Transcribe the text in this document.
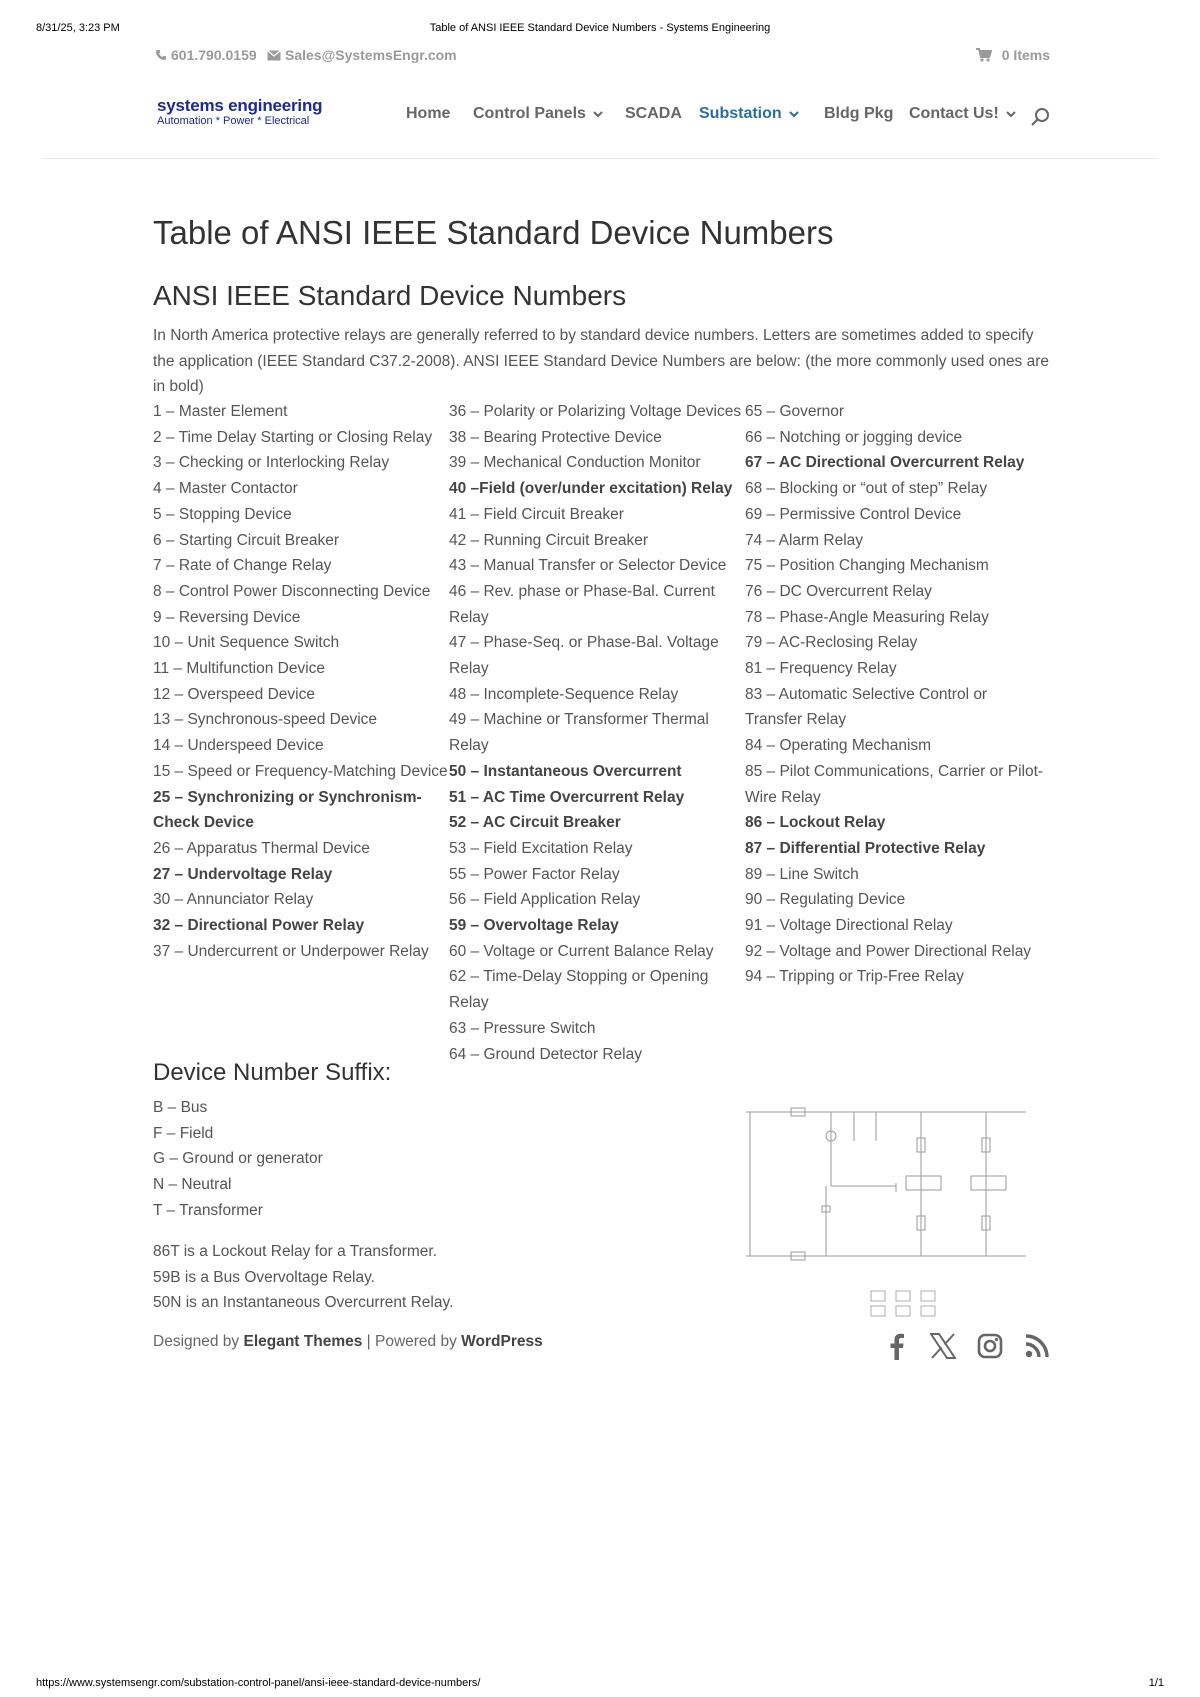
8/31/25, 3:23 PM	Table of ANSI IEEE Standard Device Numbers - Systems Engineering
601.790.0159 Sales@SystemsEngr.com	0 Items
systems engineering
Automation * Power * Electrical	Home Control Panels SCADA Substation	Bldg Pkg Contact Us!
Table of ANSI IEEE Standard Device Numbers
ANSI IEEE Standard Device Numbers

In North America protective relays are generally referred to by standard device numbers. Letters are sometimes added to specify the application (IEEE Standard C37.2-2008). ANSI IEEE Standard Device Numbers are below: (the more commonly used ones are in bold)

1 – Master Element
2 – Time Delay Starting or Closing Relay
3 – Checking or Interlocking Relay
4 – Master Contactor
5 – Stopping Device
6 – Starting Circuit Breaker
7 – Rate of Change Relay
8 – Control Power Disconnecting Device
9 – Reversing Device
10 – Unit Sequence Switch
11 – Multifunction Device
12 – Overspeed Device
13 – Synchronous-speed Device
14 – Underspeed Device
15 – Speed or Frequency-Matching Device
25 – Synchronizing or Synchronism-Check Device
26 – Apparatus Thermal Device
27 – Undervoltage Relay
30 – Annunciator Relay
32 – Directional Power Relay
37 – Undercurrent or Underpower Relay
36 – Polarity or Polarizing Voltage Devices
38 – Bearing Protective Device
39 – Mechanical Conduction Monitor
40 –Field (over/under excitation) Relay
41 – Field Circuit Breaker
42 – Running Circuit Breaker
43 – Manual Transfer or Selector Device
46 – Rev. phase or Phase-Bal. Current Relay
47 – Phase-Seq. or Phase-Bal. Voltage Relay
48 – Incomplete-Sequence Relay
49 – Machine or Transformer Thermal Relay
50 – Instantaneous Overcurrent
51 – AC Time Overcurrent Relay
52 – AC Circuit Breaker
53 – Field Excitation Relay
55 – Power Factor Relay
56 – Field Application Relay
59 – Overvoltage Relay
60 – Voltage or Current Balance Relay
62 – Time-Delay Stopping or Opening Relay
63 – Pressure Switch
64 – Ground Detector Relay
65 – Governor
66 – Notching or jogging device
67 – AC Directional Overcurrent Relay
68 – Blocking or “out of step” Relay
69 – Permissive Control Device
74 – Alarm Relay
75 – Position Changing Mechanism
76 – DC Overcurrent Relay
78 – Phase-Angle Measuring Relay
79 – AC-Reclosing Relay
81 – Frequency Relay
83 – Automatic Selective Control or Transfer Relay
84 – Operating Mechanism
85 – Pilot Communications, Carrier or Pilot-Wire Relay
86 – Lockout Relay
87 – Differential Protective Relay
89 – Line Switch
90 – Regulating Device
91 – Voltage Directional Relay
92 – Voltage and Power Directional Relay
94 – Tripping or Trip-Free Relay
Device Number Suffix:
B – Bus
F – Field
G – Ground or generator
N – Neutral
T – Transformer
86T is a Lockout Relay for a Transformer.
59B is a Bus Overvoltage Relay.
50N is an Instantaneous Overcurrent Relay.
Designed by Elegant Themes | Powered by WordPress
https://www.systemsengr.com/substation-control-panel/ansi-ieee-standard-device-numbers/	1/1
